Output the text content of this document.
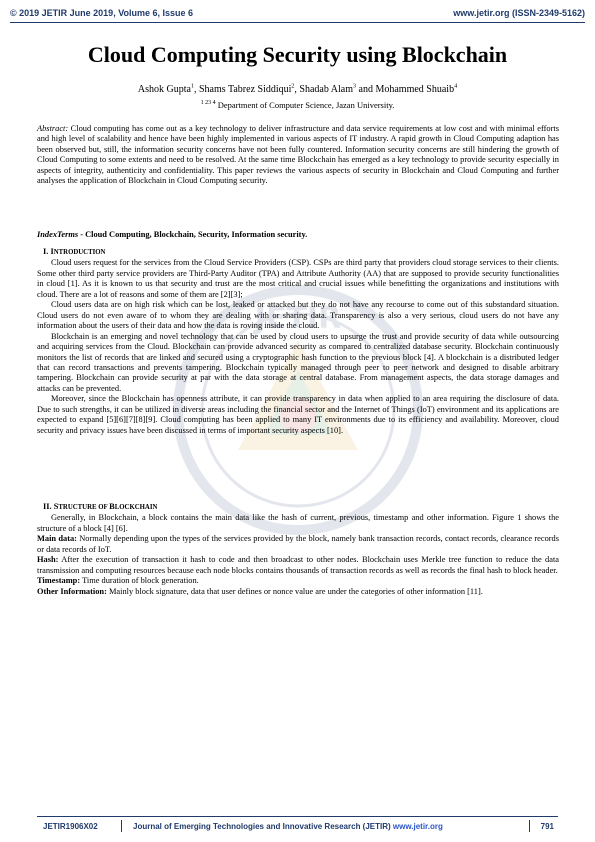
© 2019 JETIR June 2019, Volume 6, Issue 6	www.jetir.org (ISSN-2349-5162)
JETIR
Cloud Computing Security using Blockchain
Ashok Gupta$^1$, Shams Tabrez Siddiqui$^2$, Shadab Alam$^3$ and Mohammed Shuaib$^4$
$^{1 23 4}$ Department of Computer Science, Jazan University.

Abstract: Cloud computing has come out as a key technology to deliver infrastructure and data service requirements at low cost and with minimal efforts and high level of scalability and hence have been highly implemented in various aspects of IT industry. A rapid growth in Cloud Computing adaption has been observed but, still, the information security concerns have not been fully countered. Information security concerns are still hindering the growth of Cloud Computing to some extents and need to be resolved. At the same time Blockchain has emerged as a key technology to provide security especially in aspects of integrity, authenticity and confidentiality. This paper reviews the various aspects of security in Blockchain and Cloud Computing and further analyses the application of Blockchain in Cloud Computing security.

IndexTerms - Cloud Computing, Blockchain, Security, Information security.
I. INTRODUCTION

Cloud users request for the services from the Cloud Service Providers (CSP). CSPs are third party that providers cloud storage services to their clients. Some other third party service providers are Third-Party Auditor (TPA) and Attribute Authority (AA) that are supposed to provide security functionalities in cloud [1]. As it is known to us that security and trust are the most critical and crucial issues while benefitting the organizations and institutions with cloud. There are a lot of reasons and some of them are [2][3];

Cloud users data are on high risk which can be lost, leaked or attacked but they do not have any recourse to come out of this substandard situation. Cloud users do not even aware of to whom they are dealing with or sharing data. Transparency is also a very serious, cloud users do not have any information about the users of their data and how the data is roving inside the cloud.

Blockchain is an emerging and novel technology that can be used by cloud users to upsurge the trust and provide security of data while outsourcing and acquiring services from the Cloud. Blockchain can provide advanced security as compared to centralized database security. Blockchain continuously monitors the list of records that are linked and secured using a cryptographic hash function to the previous block [4]. A blockchain is a distributed ledger that can record transactions and prevents tampering. Blockchain typically managed through peer to peer network and designed to disable arbitrary tampering. Blockchain can provide security at par with the data storage at central database. From management aspects, the data storage damages and attacks can be prevented.

Moreover, since the Blockchain has openness attribute, it can provide transparency in data when applied to an area requiring the disclosure of data. Due to such strengths, it can be utilized in diverse areas including the financial sector and the Internet of Things (IoT) environment and its applications are expected to expand [5][6][7][8][9]. Cloud computing has been applied to many IT environments due to its efficiency and availability. Moreover, cloud security and privacy issues have been discussed in terms of important security aspects [10].

II. STRUCTURE OF BLOCKCHAIN

Generally, in Blockchain, a block contains the main data like the hash of current, previous, timestamp and other information. Figure 1 shows the structure of a block [4] [6].

Main data: Normally depending upon the types of the services provided by the block, namely bank transaction records, contact records, clearance records or data records of IoT.

Hash: After the execution of transaction it hash to code and then broadcast to other nodes. Blockchain uses Merkle tree function to reduce the data transmission and computing resources because each node blocks contains thousands of transaction records as well as records the final hash to block header.

Timestamp: Time duration of block generation.

Other Information: Mainly block signature, data that user defines or nonce value are under the categories of other information [11].

JETIR1906X02	Journal of Emerging Technologies and Innovative Research (JETIR) www.jetir.org	791
